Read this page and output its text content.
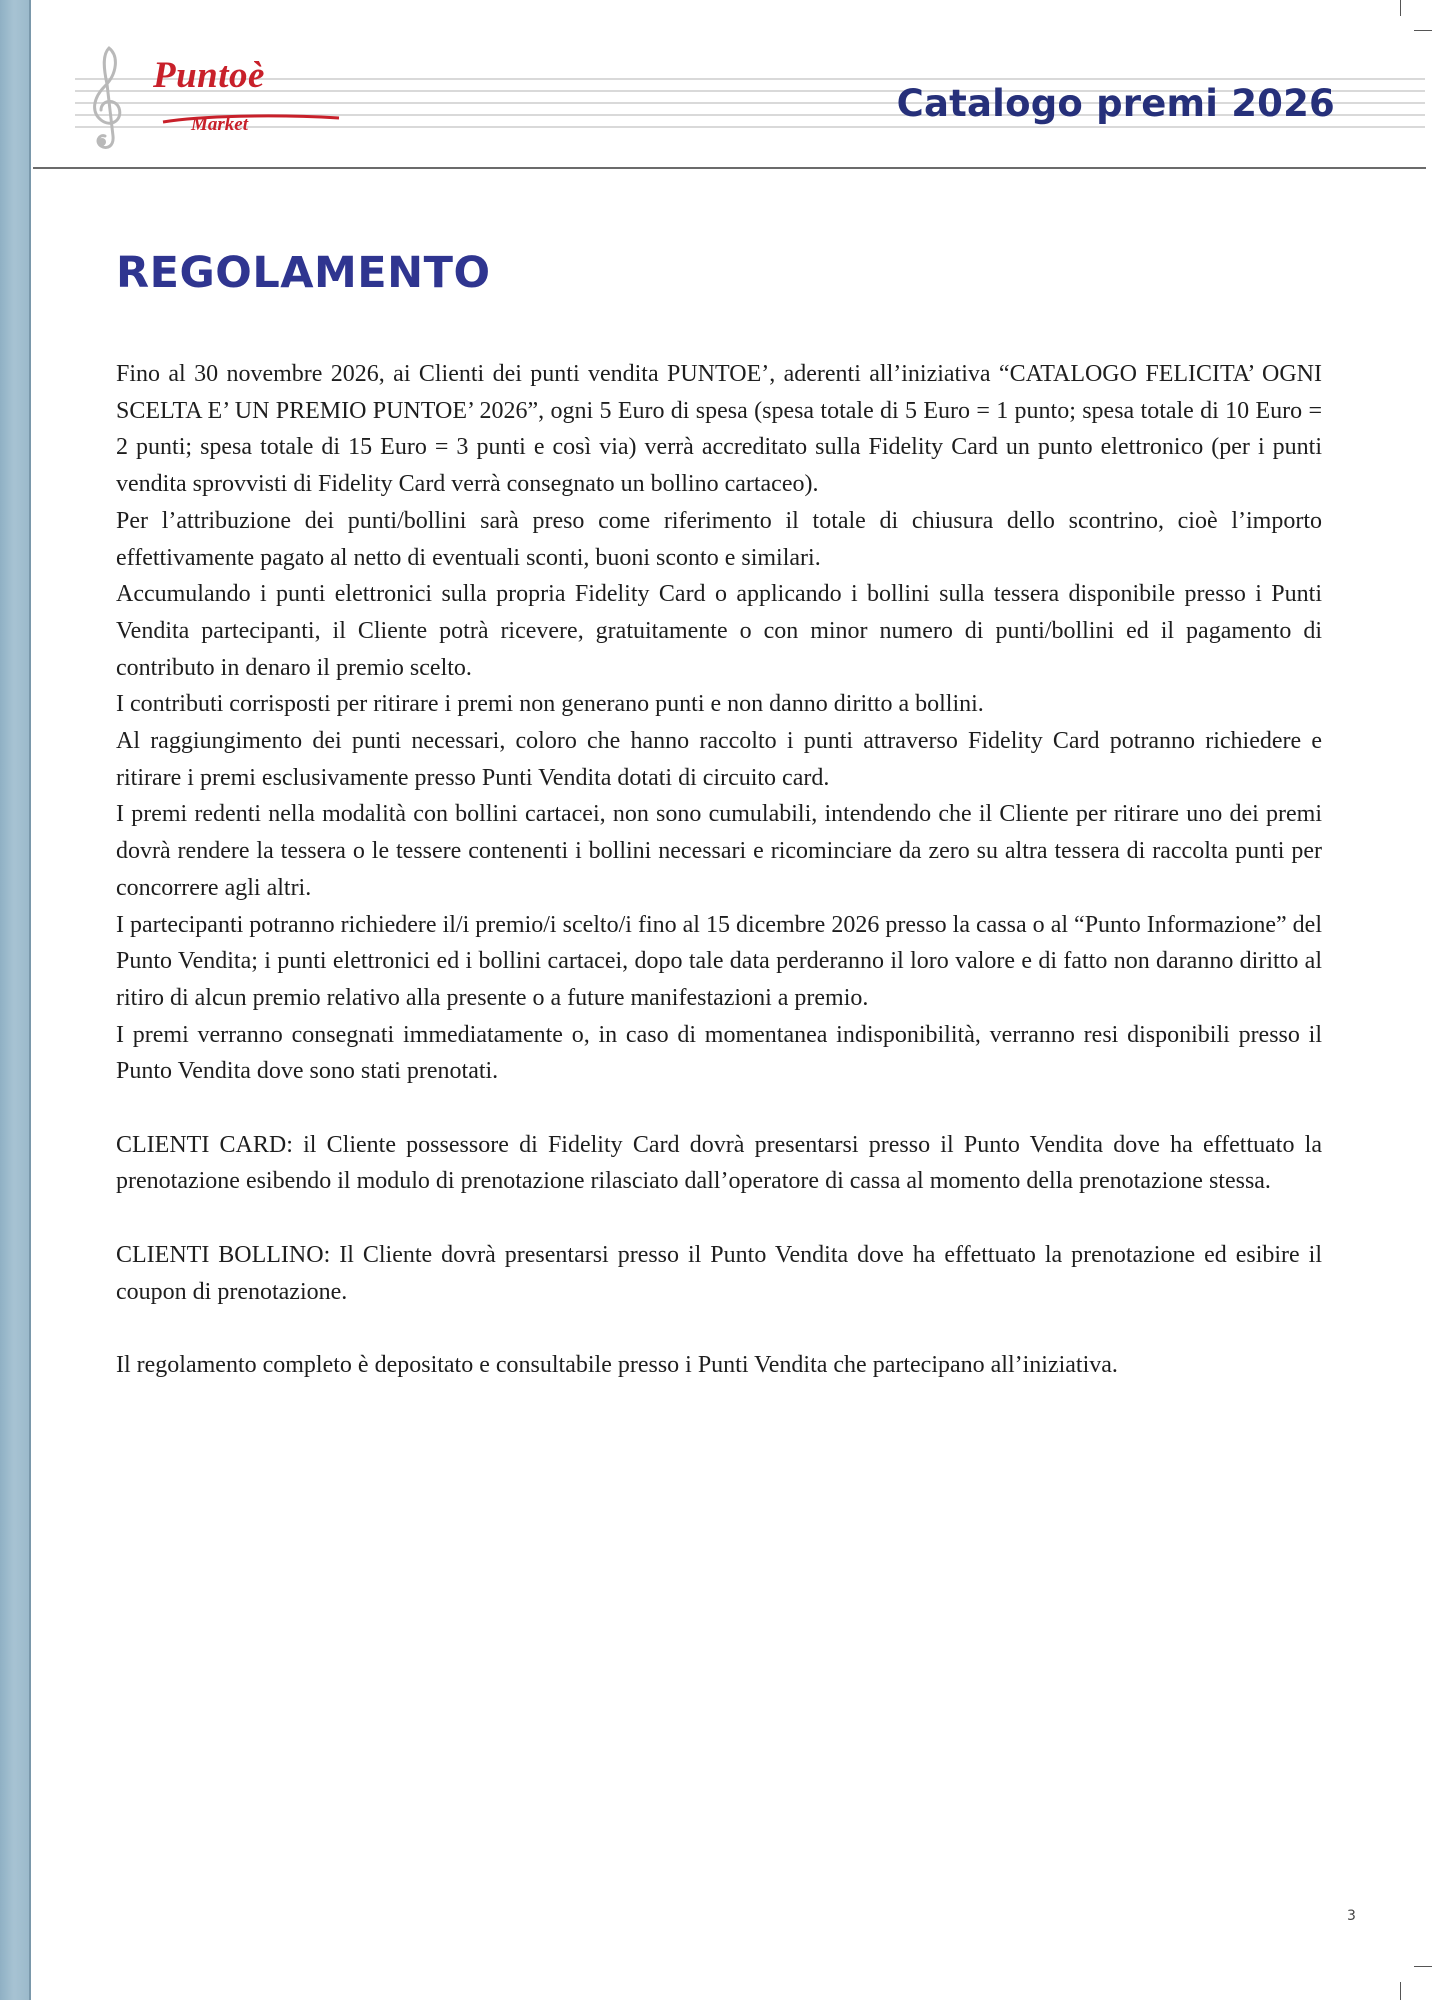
Puntoè
Market	Catalogo premi 2026
REGOLAMENTO

Fino al 30 novembre 2026, ai Clienti dei punti vendita PUNTOE’, aderenti all’iniziativa “CATALOGO FELICITA’ OGNI SCELTA E’ UN PREMIO PUNTOE’ 2026”, ogni 5 Euro di spesa (spesa totale di 5 Euro = 1 punto; spesa totale di 10 Euro = 2 punti; spesa totale di 15 Euro = 3 punti e così via) verrà accreditato sulla Fidelity Card un punto elettronico (per i punti vendita sprovvisti di Fidelity Card verrà consegnato un bollino cartaceo).

Per l’attribuzione dei punti/bollini sarà preso come riferimento il totale di chiusura dello scontrino, cioè l’importo effettivamente pagato al netto di eventuali sconti, buoni sconto e similari.

Accumulando i punti elettronici sulla propria Fidelity Card o applicando i bollini sulla tessera disponibile presso i Punti Vendita partecipanti, il Cliente potrà ricevere, gratuitamente o con minor numero di punti/bollini ed il pagamento di contributo in denaro il premio scelto.

I contributi corrisposti per ritirare i premi non generano punti e non danno diritto a bollini.

Al raggiungimento dei punti necessari, coloro che hanno raccolto i punti attraverso Fidelity Card potranno richiedere e ritirare i premi esclusivamente presso Punti Vendita dotati di circuito card.

I premi redenti nella modalità con bollini cartacei, non sono cumulabili, intendendo che il Cliente per ritirare uno dei premi dovrà rendere la tessera o le tessere contenenti i bollini necessari e ricominciare da zero su altra tessera di raccolta punti per concorrere agli altri.

I partecipanti potranno richiedere il/i premio/i scelto/i fino al 15 dicembre 2026 presso la cassa o al “Punto Informazione” del Punto Vendita; i punti elettronici ed i bollini cartacei, dopo tale data perderanno il loro valore e di fatto non daranno diritto al ritiro di alcun premio relativo alla presente o a future manifestazioni a premio.

I premi verranno consegnati immediatamente o, in caso di momentanea indisponibilità, verranno resi disponibili presso il Punto Vendita dove sono stati prenotati.

CLIENTI CARD: il Cliente possessore di Fidelity Card dovrà presentarsi presso il Punto Vendita dove ha effettuato la prenotazione esibendo il modulo di prenotazione rilasciato dall’operatore di cassa al momento della prenotazione stessa.

CLIENTI BOLLINO: Il Cliente dovrà presentarsi presso il Punto Vendita dove ha effettuato la prenotazione ed esibire il coupon di prenotazione.

Il regolamento completo è depositato e consultabile presso i Punti Vendita che partecipano all’iniziativa.

3
